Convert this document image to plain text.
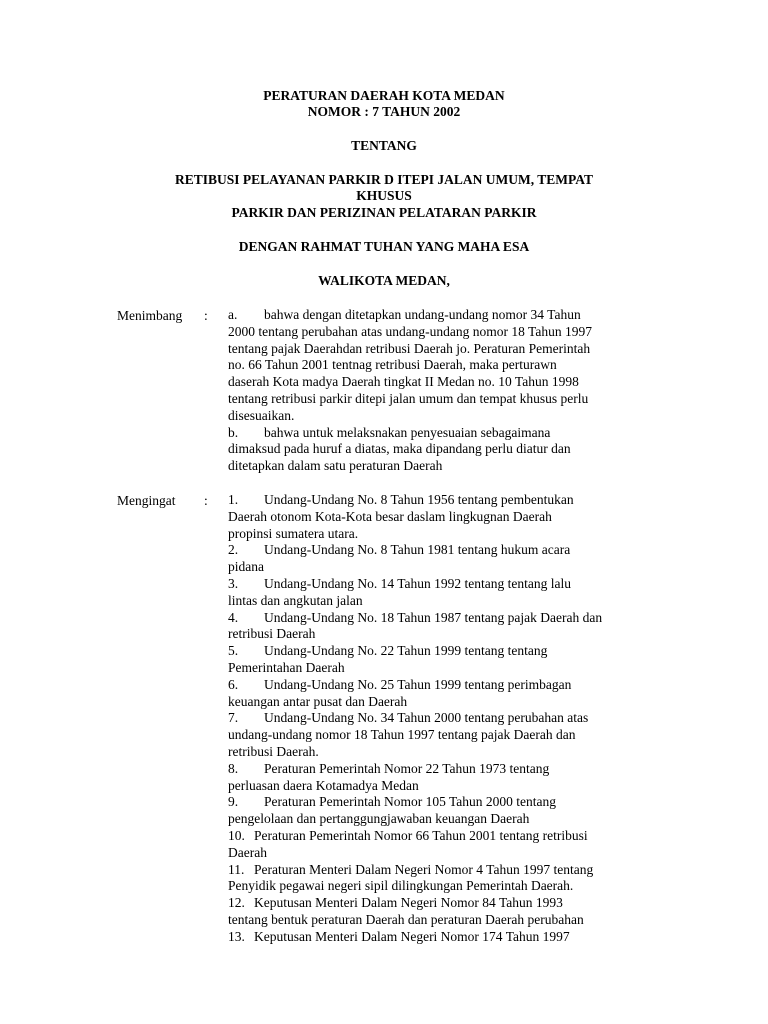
PERATURAN DAERAH KOTA MEDAN
NOMOR : 7 TAHUN 2002
TENTANG
RETIBUSI PELAYANAN PARKIR D ITEPI JALAN UMUM, TEMPAT
KHUSUS
PARKIR DAN PERIZINAN PELATARAN PARKIR
DENGAN RAHMAT TUHAN YANG MAHA ESA
WALIKOTA MEDAN,
Menimbang : a. bahwa dengan ditetapkan undang-undang nomor 34 Tahun
2000 tentang perubahan atas undang-undang nomor 18 Tahun 1997
tentang pajak Daerahdan retribusi Daerah jo. Peraturan Pemerintah
no. 66 Tahun 2001 tentnag retribusi Daerah, maka perturawn
daserah Kota madya Daerah tingkat II Medan no. 10 Tahun 1998
tentang retribusi parkir ditepi jalan umum dan tempat khusus perlu
disesuaikan.
b. bahwa untuk melaksnakan penyesuaian sebagaimana
dimaksud pada huruf a diatas, maka dipandang perlu diatur dan
ditetapkan dalam satu peraturan Daerah
Mengingat : 1. Undang-Undang No. 8 Tahun 1956 tentang pembentukan
Daerah otonom Kota-Kota besar daslam lingkugnan Daerah
propinsi sumatera utara.
2. Undang-Undang No. 8 Tahun 1981 tentang hukum acara
pidana
3. Undang-Undang No. 14 Tahun 1992 tentang tentang lalu
lintas dan angkutan jalan
4. Undang-Undang No. 18 Tahun 1987 tentang pajak Daerah dan
retribusi Daerah
5. Undang-Undang No. 22 Tahun 1999 tentang tentang
Pemerintahan Daerah
6. Undang-Undang No. 25 Tahun 1999 tentang perimbagan
keuangan antar pusat dan Daerah
7. Undang-Undang No. 34 Tahun 2000 tentang perubahan atas
undang-undang nomor 18 Tahun 1997 tentang pajak Daerah dan
retribusi Daerah.
8. Peraturan Pemerintah Nomor 22 Tahun 1973 tentang
perluasan daera Kotamadya Medan
9. Peraturan Pemerintah Nomor 105 Tahun 2000 tentang
pengelolaan dan pertanggungjawaban keuangan Daerah
10. Peraturan Pemerintah Nomor 66 Tahun 2001 tentang retribusi
Daerah
11. Peraturan Menteri Dalam Negeri Nomor 4 Tahun 1997 tentang
Penyidik pegawai negeri sipil dilingkungan Pemerintah Daerah.
12. Keputusan Menteri Dalam Negeri Nomor 84 Tahun 1993
tentang bentuk peraturan Daerah dan peraturan Daerah perubahan
13. Keputusan Menteri Dalam Negeri Nomor 174 Tahun 1997
